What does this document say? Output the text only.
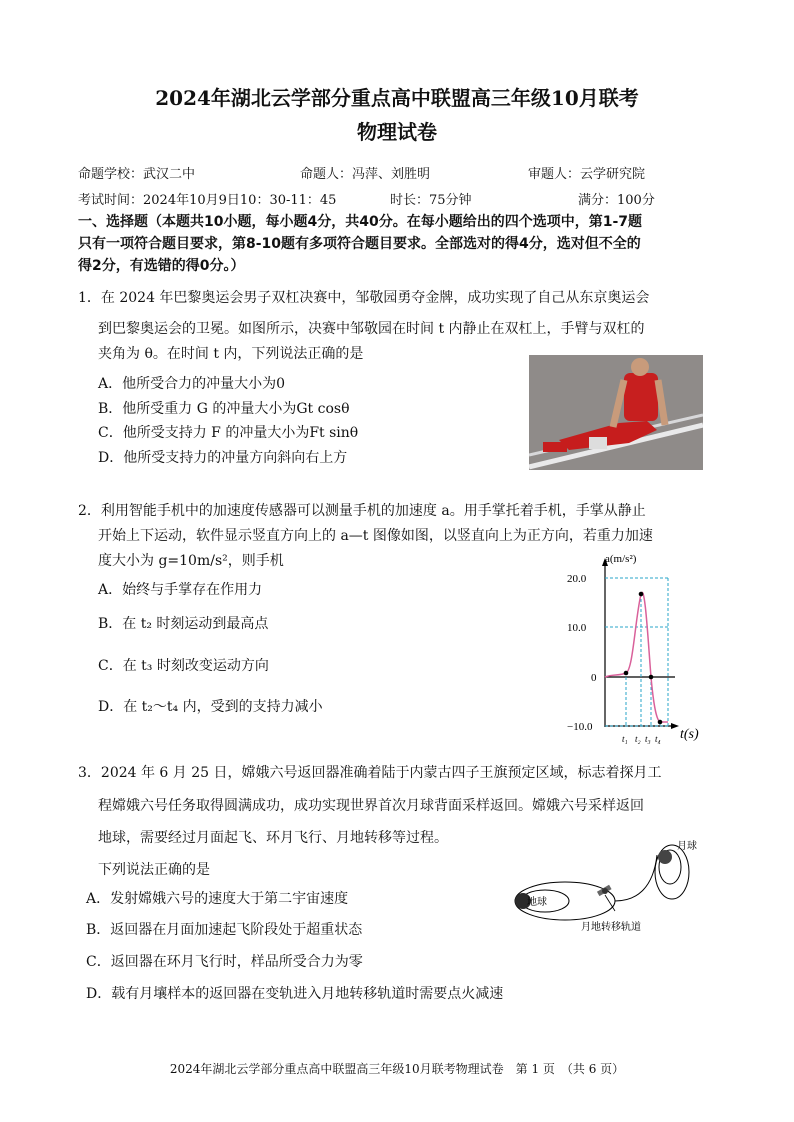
2024年湖北云学部分重点高中联盟高三年级10月联考
物理试卷
命题学校：武汉二中	命题人：冯萍、刘胜明	审题人：云学研究院
考试时间：2024年10月9日10：30-11：45	时长：75分钟	满分：100分
一、选择题（本题共10小题，每小题4分，共40分。在每小题给出的四个选项中，第1-7题
只有一项符合题目要求，第8-10题有多项符合题目要求。全部选对的得4分，选对但不全的
得2分，有选错的得0分。）
1．在 2024 年巴黎奥运会男子双杠决赛中，邹敬园勇夺金牌，成功实现了自己从东京奥运会
到巴黎奥运会的卫冕。如图所示，决赛中邹敬园在时间 t 内静止在双杠上，手臂与双杠的
夹角为 θ。在时间 t 内，下列说法正确的是
A．他所受合力的冲量大小为0
B．他所受重力 G 的冲量大小为Gt cosθ
C．他所受支持力 F 的冲量大小为Ft sinθ
D．他所受支持力的冲量方向斜向右上方
2．利用智能手机中的加速度传感器可以测量手机的加速度 a。用手掌托着手机，手掌从静止
开始上下运动，软件显示竖直方向上的 a—t 图像如图，以竖直向上为正方向，若重力加速
度大小为 g=10m/s²，则手机
A．始终与手掌存在作用力
B．在 t₂ 时刻运动到最高点
C．在 t₃ 时刻改变运动方向
D．在 t₂～t₄ 内，受到的支持力减小
a(m/s²)
20.0
10.0
0
−10.0
t₁ t₂ t₃ t₄ t(s)
3．2024 年 6 月 25 日，嫦娥六号返回器准确着陆于内蒙古四子王旗预定区域，标志着探月工
程嫦娥六号任务取得圆满成功，成功实现世界首次月球背面采样返回。嫦娥六号采样返回
地球，需要经过月面起飞、环月飞行、月地转移等过程。
下列说法正确的是
A．发射嫦娥六号的速度大于第二宇宙速度
B．返回器在月面加速起飞阶段处于超重状态
C．返回器在环月飞行时，样品所受合力为零
D．载有月壤样本的返回器在变轨进入月地转移轨道时需要点火减速
地球
月球
月地转移轨道
2024年湖北云学部分重点高中联盟高三年级10月联考物理试卷　第 1 页　（共 6 页）
